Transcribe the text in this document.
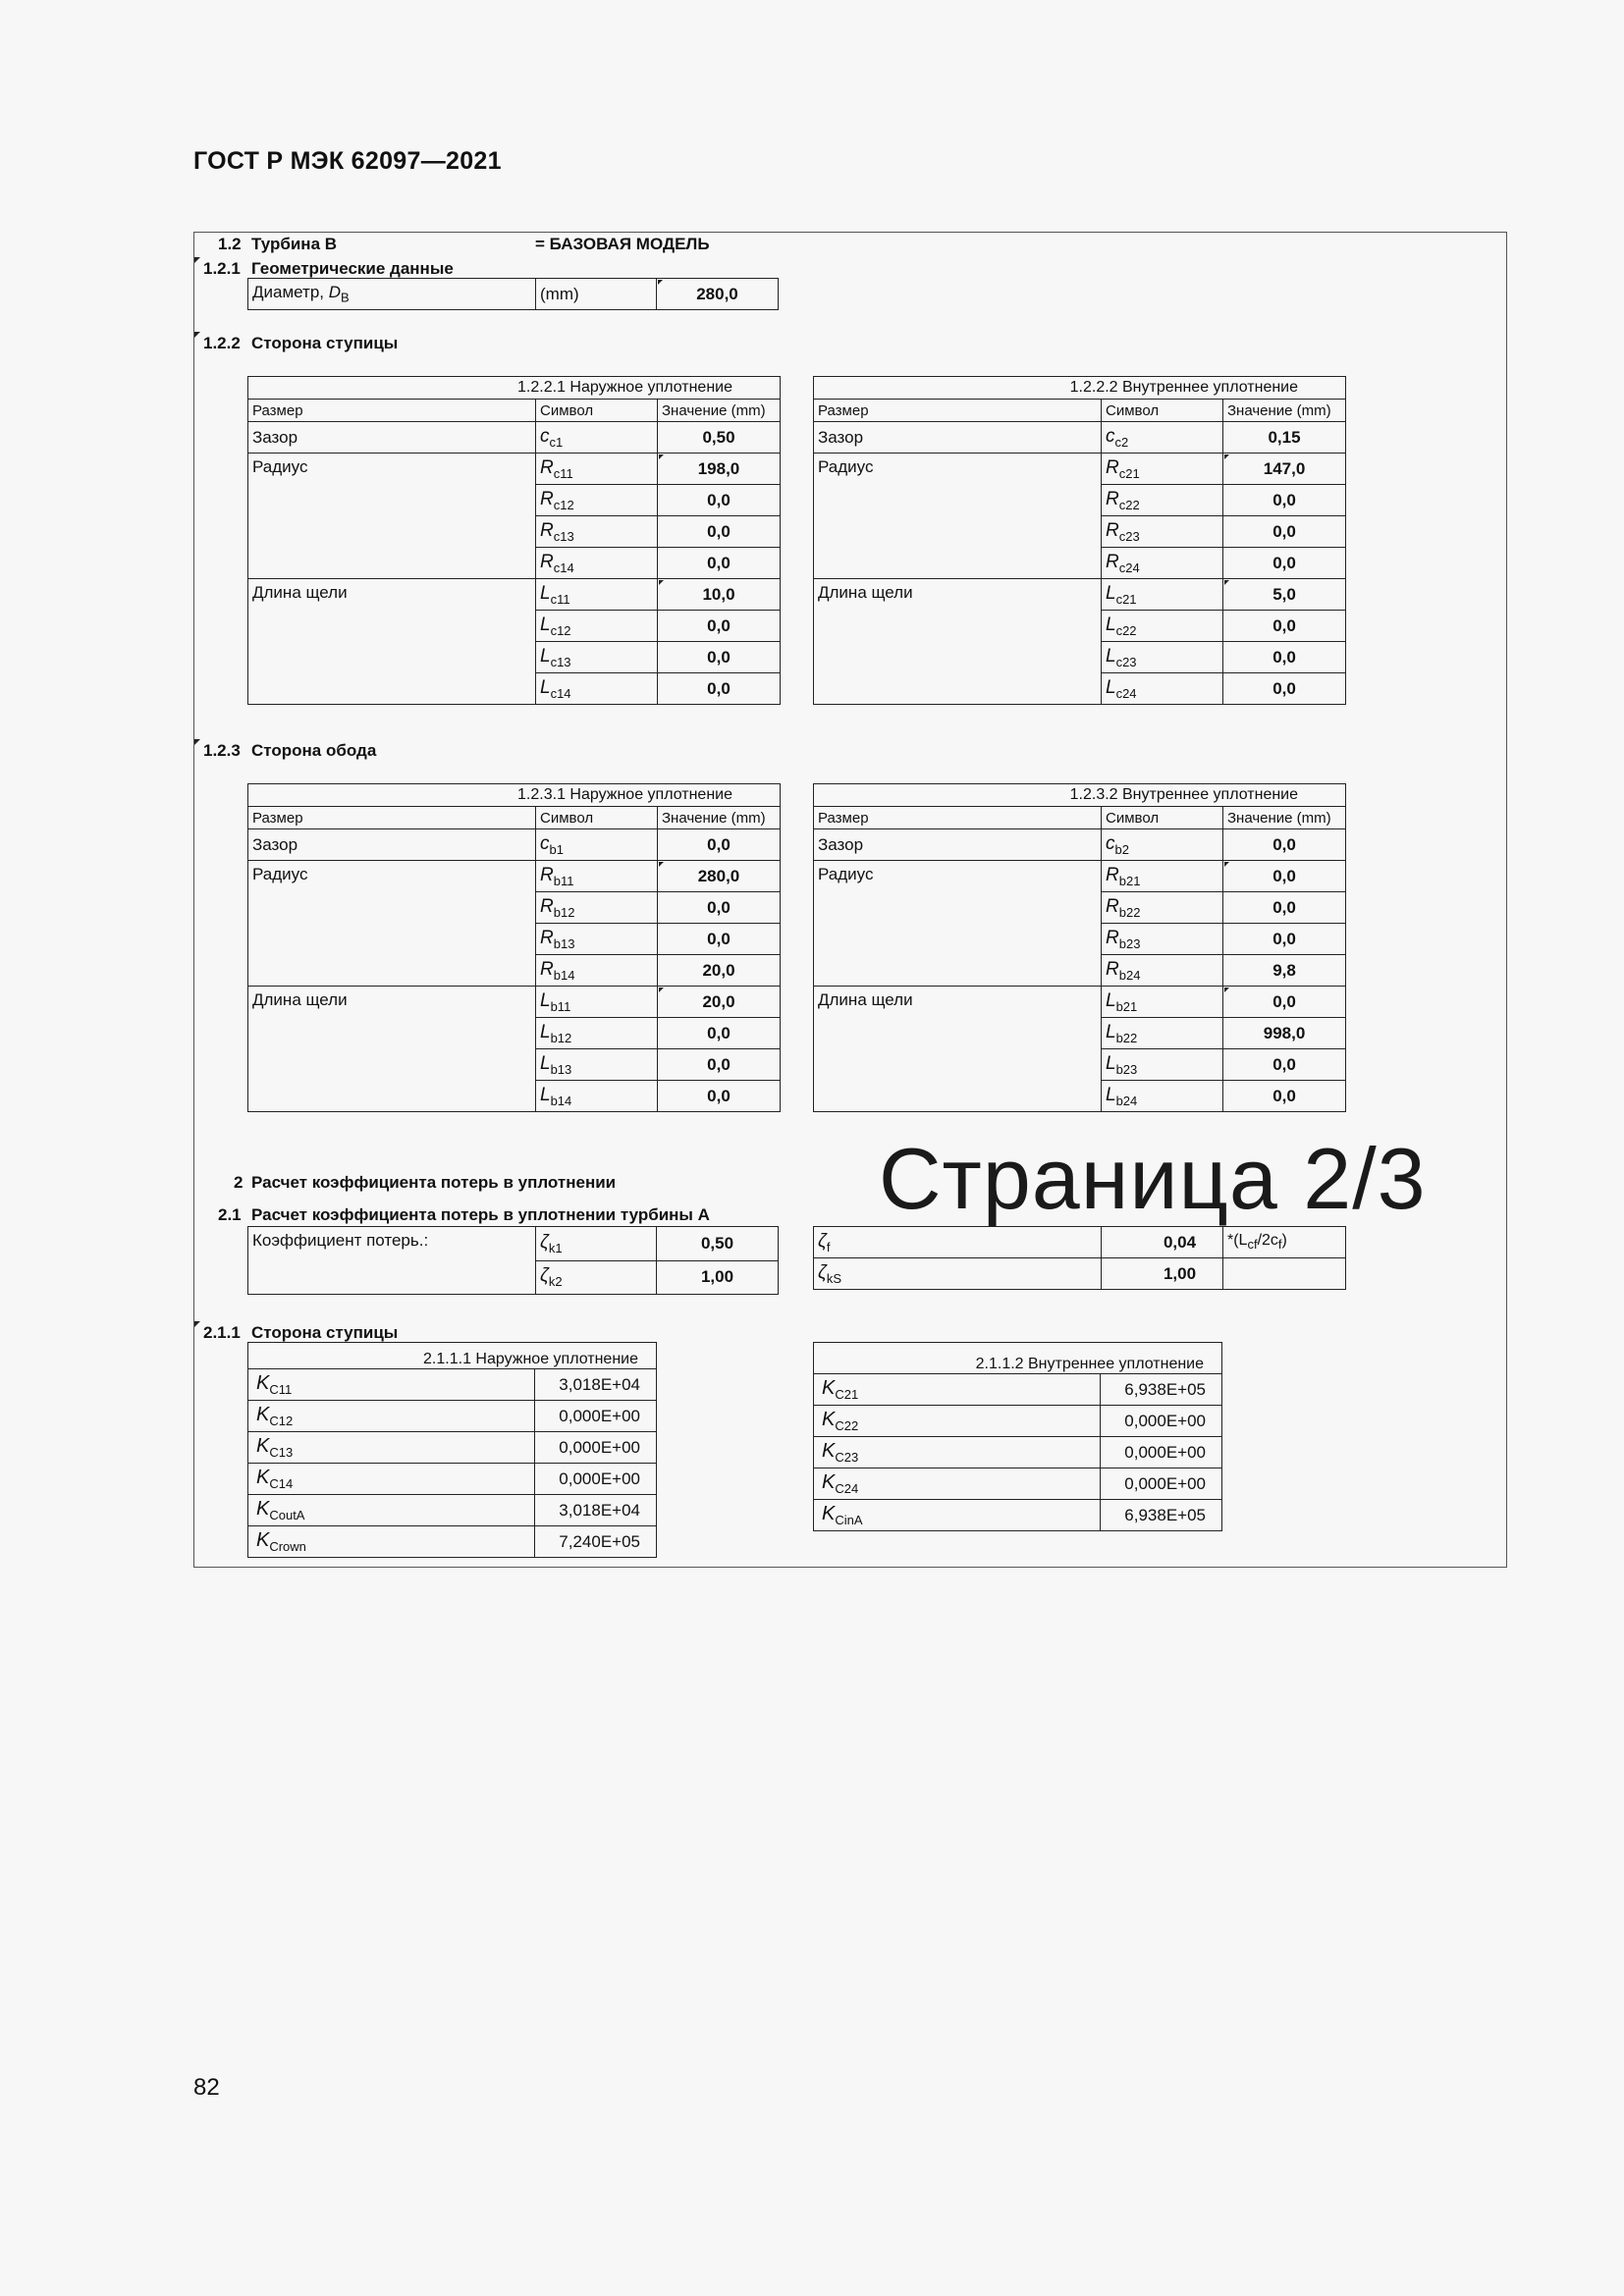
ГОСТ Р МЭК 62097—2021
1.2 Турбина В	= БАЗОВАЯ МОДЕЛЬ
1.2.1 Геометрические данные
Диаметр, $D_B$	(mm)	280,0
1.2.2 Сторона ступицы
1.2.2.1 Наружное уплотнение		
Размер	Символ	Значение (mm)
Зазор	$c_{c1}$	0,50
Радиус	$R_{c11}$	198,0
	$R_{c12}$	0,0
	$R_{c13}$	0,0
	$R_{c14}$	0,0
Длина щели	$L_{c11}$	10,0
	$L_{c12}$	0,0
	$L_{c13}$	0,0
	$L_{c14}$	0,0
1.2.2.2 Внутреннее уплотнение		
Размер	Символ	Значение (mm)
Зазор	$c_{c2}$	0,15
Радиус	$R_{c21}$	147,0
	$R_{c22}$	0,0
	$R_{c23}$	0,0
	$R_{c24}$	0,0
Длина щели	$L_{c21}$	5,0
	$L_{c22}$	0,0
	$L_{c23}$	0,0
	$L_{c24}$	0,0
1.2.3 Сторона обода
1.2.3.1 Наружное уплотнение		
Размер	Символ	Значение (mm)
Зазор	$c_{b1}$	0,0
Радиус	$R_{b11}$	280,0
	$R_{b12}$	0,0
	$R_{b13}$	0,0
	$R_{b14}$	20,0
Длина щели	$L_{b11}$	20,0
	$L_{b12}$	0,0
	$L_{b13}$	0,0
	$L_{b14}$	0,0
1.2.3.2 Внутреннее уплотнение		
Размер	Символ	Значение (mm)
Зазор	$c_{b2}$	0,0
Радиус	$R_{b21}$	0,0
	$R_{b22}$	0,0
	$R_{b23}$	0,0
	$R_{b24}$	9,8
Длина щели	$L_{b21}$	0,0
	$L_{b22}$	998,0
	$L_{b23}$	0,0
	$L_{b24}$	0,0
Страница 2/3
2 Расчет коэффициента потерь в уплотнении
2.1 Расчет коэффициента потерь в уплотнении турбины А
Коэффициент потерь.:	$\zeta_{k1}$	0,50
	$\zeta_{k2}$	1,00
$\zeta_f$	0,04	$*(L_{cf}/2c_f)$
$\zeta_{kS}$	1,00	
2.1.1 Сторона ступицы
2.1.1.1 Наружное уплотнение	
$K_{C11}$	3,018E+04
$K_{C12}$	0,000E+00
$K_{C13}$	0,000E+00
$K_{C14}$	0,000E+00
$K_{CoutA}$	3,018E+04
$K_{Crown}$	7,240E+05
2.1.1.2 Внутреннее уплотнение	
$K_{C21}$	6,938E+05
$K_{C22}$	0,000E+00
$K_{C23}$	0,000E+00
$K_{C24}$	0,000E+00
$K_{CinA}$	6,938E+05
82
